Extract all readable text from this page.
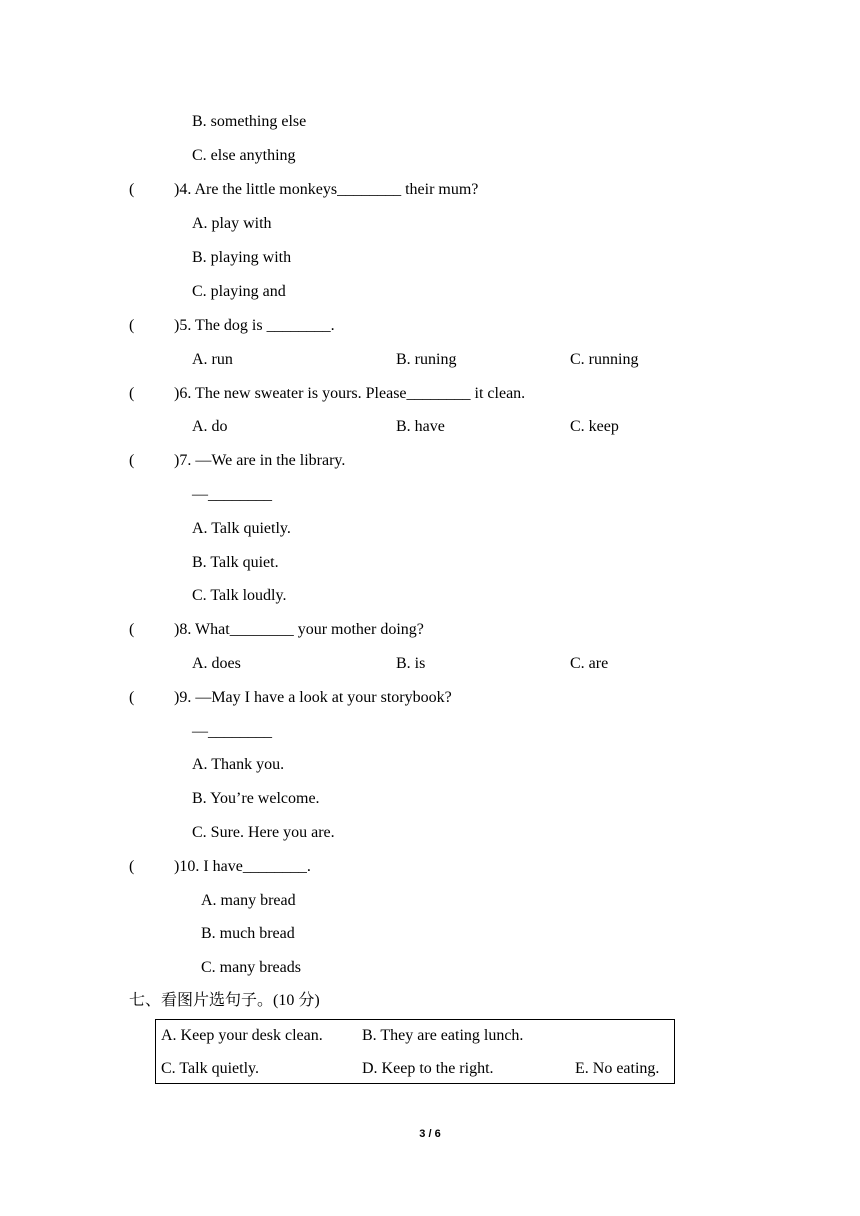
B. something else
C. else anything
( )4. Are the little monkeys________ their mum?
A. play with
B. playing with
C. playing and
( )5. The dog is ________.
A. run	B. runing	C. running
( )6. The new sweater is yours. Please________ it clean.
A. do	B. have	C. keep
( )7. —We are in the library.
—________
A. Talk quietly.
B. Talk quiet.
C. Talk loudly.
( )8. What________ your mother doing?
A. does	B. is	C. are
( )9. —May I have a look at your storybook?
—________
A. Thank you.
B. You’re welcome.
C. Sure. Here you are.
( )10. I have________.
A. many bread
B. much bread
C. many breads
七、看图片选句子。(10 分)
A. Keep your desk clean. B. They are eating lunch.
C. Talk quietly.	D. Keep to the right.	E. No eating.
3 / 6
